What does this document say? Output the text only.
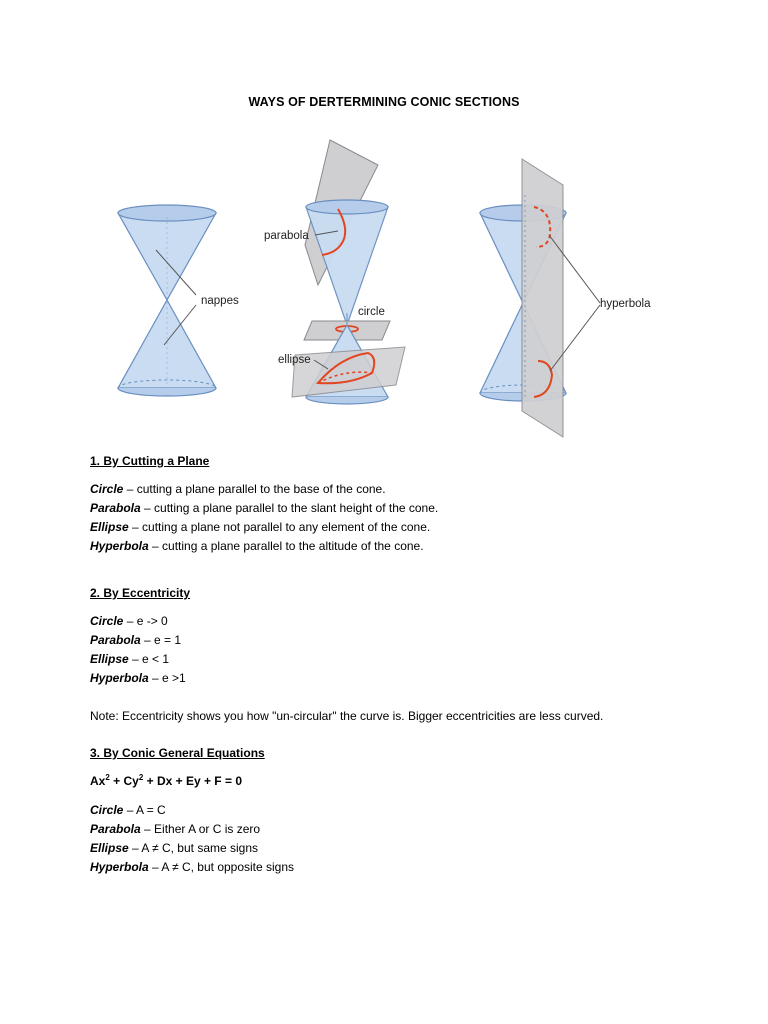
WAYS OF DERTERMINING CONIC SECTIONS
nappes
parabola
circle
ellipse
hyperbola
1. By Cutting a Plane
Circle – cutting a plane parallel to the base of the cone.
Parabola – cutting a plane parallel to the slant height of the cone.
Ellipse – cutting a plane not parallel to any element of the cone.
Hyperbola – cutting a plane parallel to the altitude of the cone.
2. By Eccentricity
Circle – e -> 0
Parabola – e = 1
Ellipse – e < 1
Hyperbola – e >1
Note: Eccentricity shows you how "un-circular" the curve is. Bigger eccentricities are less curved.
3. By Conic General Equations
$Ax^2 + Cy^2 + Dx + Ey + F = 0$
Circle – A = C
Parabola – Either A or C is zero
Ellipse – A ≠ C, but same signs
Hyperbola – A ≠ C, but opposite signs
